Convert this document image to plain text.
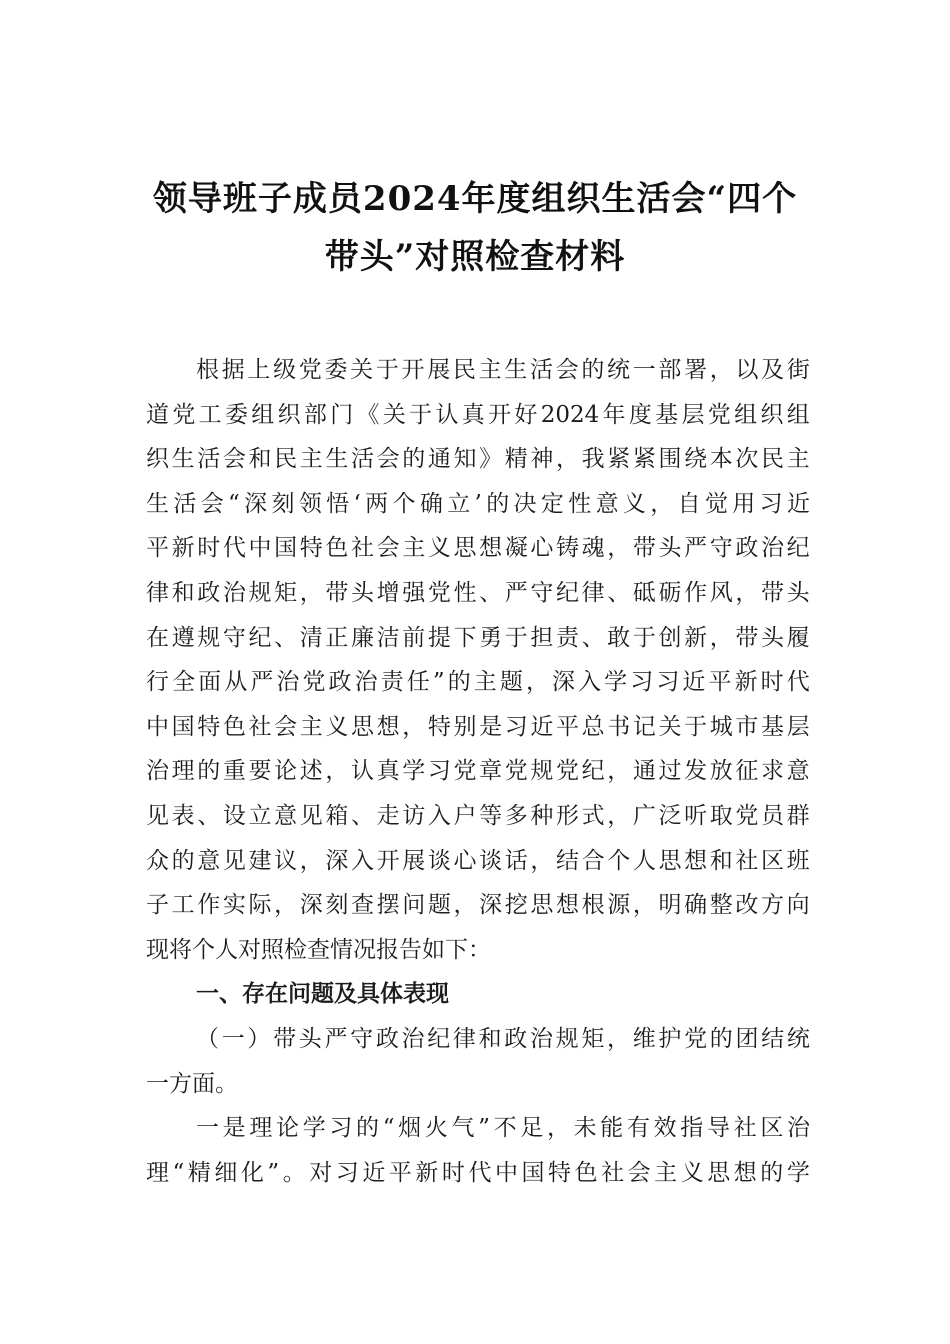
领导班子成员2024年度组织生活会“四个
带头”对照检查材料
根 据 上 级 党 委 关 于 开 展 民 主 生 活 会 的 统 一 部 署 ， 以 及 街
道 党 工 委 组 织 部 门 《 关 于 认 真 开 好 2024 年 度 基 层 党 组 织 组
织 生 活 会 和 民 主 生 活 会 的 通 知 》 精 神 ， 我 紧 紧 围 绕 本 次 民 主
生 活 会 “ 深 刻 领 悟 ‘ 两 个 确 立 ’ 的 决 定 性 意 义 ， 自 觉 用 习 近
平 新 时 代 中 国 特 色 社 会 主 义 思 想 凝 心 铸 魂 ， 带 头 严 守 政 治 纪
律 和 政 治 规 矩 ， 带 头 增 强 党 性 、 严 守 纪 律 、 砥 砺 作 风 ， 带 头
在 遵 规 守 纪 、 清 正 廉 洁 前 提 下 勇 于 担 责 、 敢 于 创 新 ， 带 头 履
行 全 面 从 严 治 党 政 治 责 任 ” 的 主 题 ， 深 入 学 习 习 近 平 新 时 代
中 国 特 色 社 会 主 义 思 想 ， 特 别 是 习 近 平 总 书 记 关 于 城 市 基 层
治 理 的 重 要 论 述 ， 认 真 学 习 党 章 党 规 党 纪 ， 通 过 发 放 征 求 意
见 表 、 设 立 意 见 箱 、 走 访 入 户 等 多 种 形 式 ， 广 泛 听 取 党 员 群
众 的 意 见 建 议 ， 深 入 开 展 谈 心 谈 话 ， 结 合 个 人 思 想 和 社 区 班
子 工 作 实 际 ， 深 刻 查 摆 问 题 ， 深 挖 思 想 根 源 ， 明 确 整 改 方 向
现将个人对照检查情况报告如下：
一、存在问题及具体表现
（ 一 ） 带 头 严 守 政 治 纪 律 和 政 治 规 矩 ， 维 护 党 的 团 结 统
一方面。
一 是 理 论 学 习 的 “ 烟 火 气 ” 不 足 ， 未 能 有 效 指 导 社 区 治
理 “ 精 细 化 ” 。 对 习 近 平 新 时 代 中 国 特 色 社 会 主 义 思 想 的 学
